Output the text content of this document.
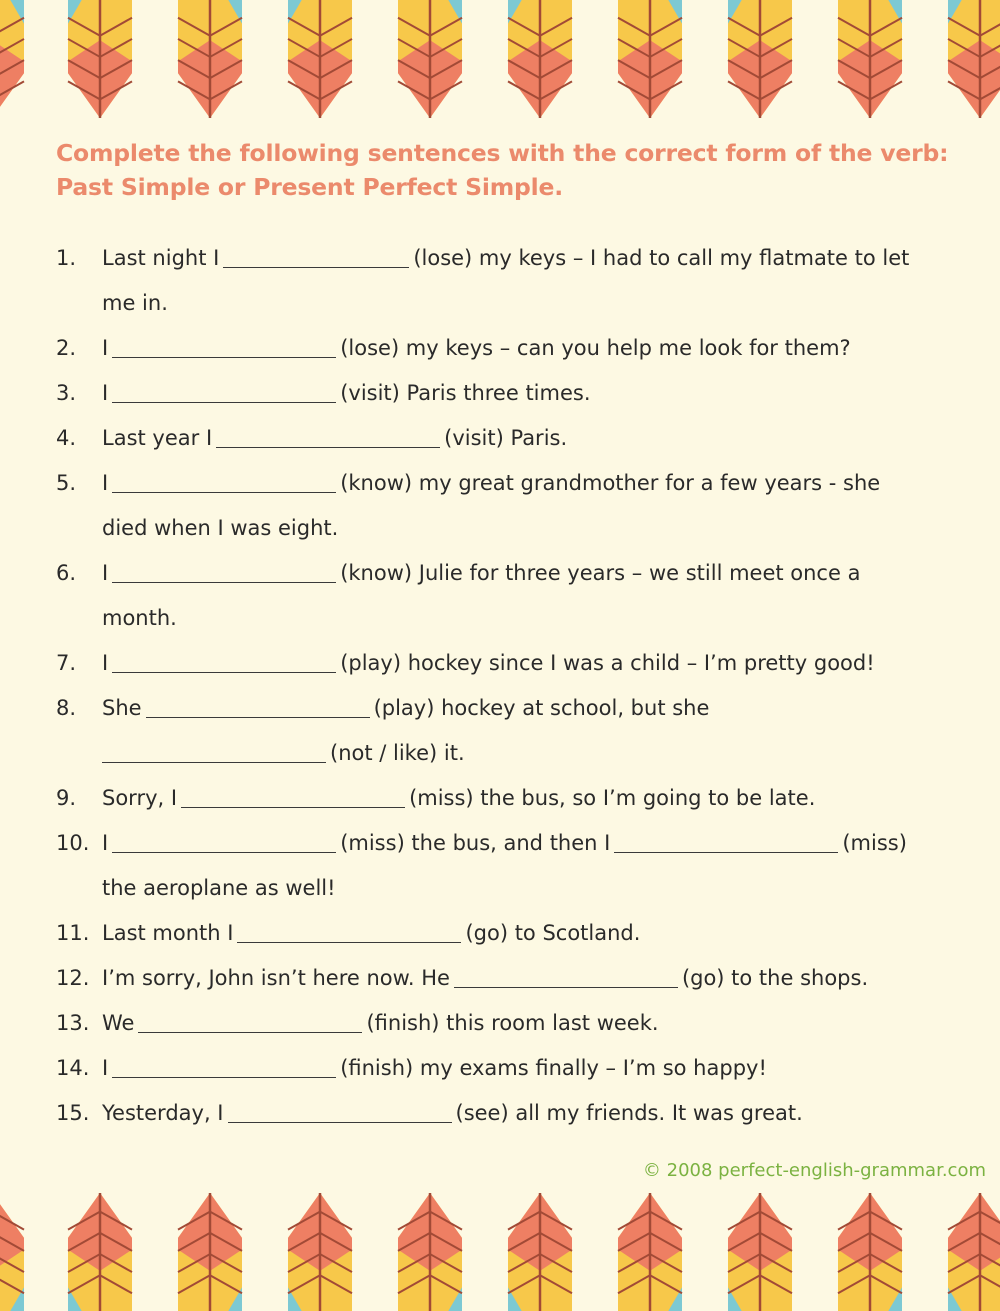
Complete the following sentences with the correct form of the verb:
Past Simple or Present Perfect Simple.
1. Last night I	(lose) my keys – I had to call my flatmate to let
me in.
2. I	(lose) my keys – can you help me look for them?
3. I	(visit) Paris three times.
4. Last year I	(visit) Paris.
5. I	(know) my great grandmother for a few years - she
died when I was eight.
6. I	(know) Julie for three years – we still meet once a
month.
7. I	(play) hockey since I was a child – I’m pretty good!
8. She	(play) hockey at school, but she
(not / like) it.
9. Sorry, I	(miss) the bus, so I’m going to be late.
10. I	(miss) the bus, and then I	(miss)
the aeroplane as well!
11. Last month I	(go) to Scotland.
12. I’m sorry, John isn’t here now. He	(go) to the shops.
13. We	(finish) this room last week.
14. I	(finish) my exams finally – I’m so happy!
15. Yesterday, I	(see) all my friends. It was great.
© 2008 perfect-english-grammar.com
